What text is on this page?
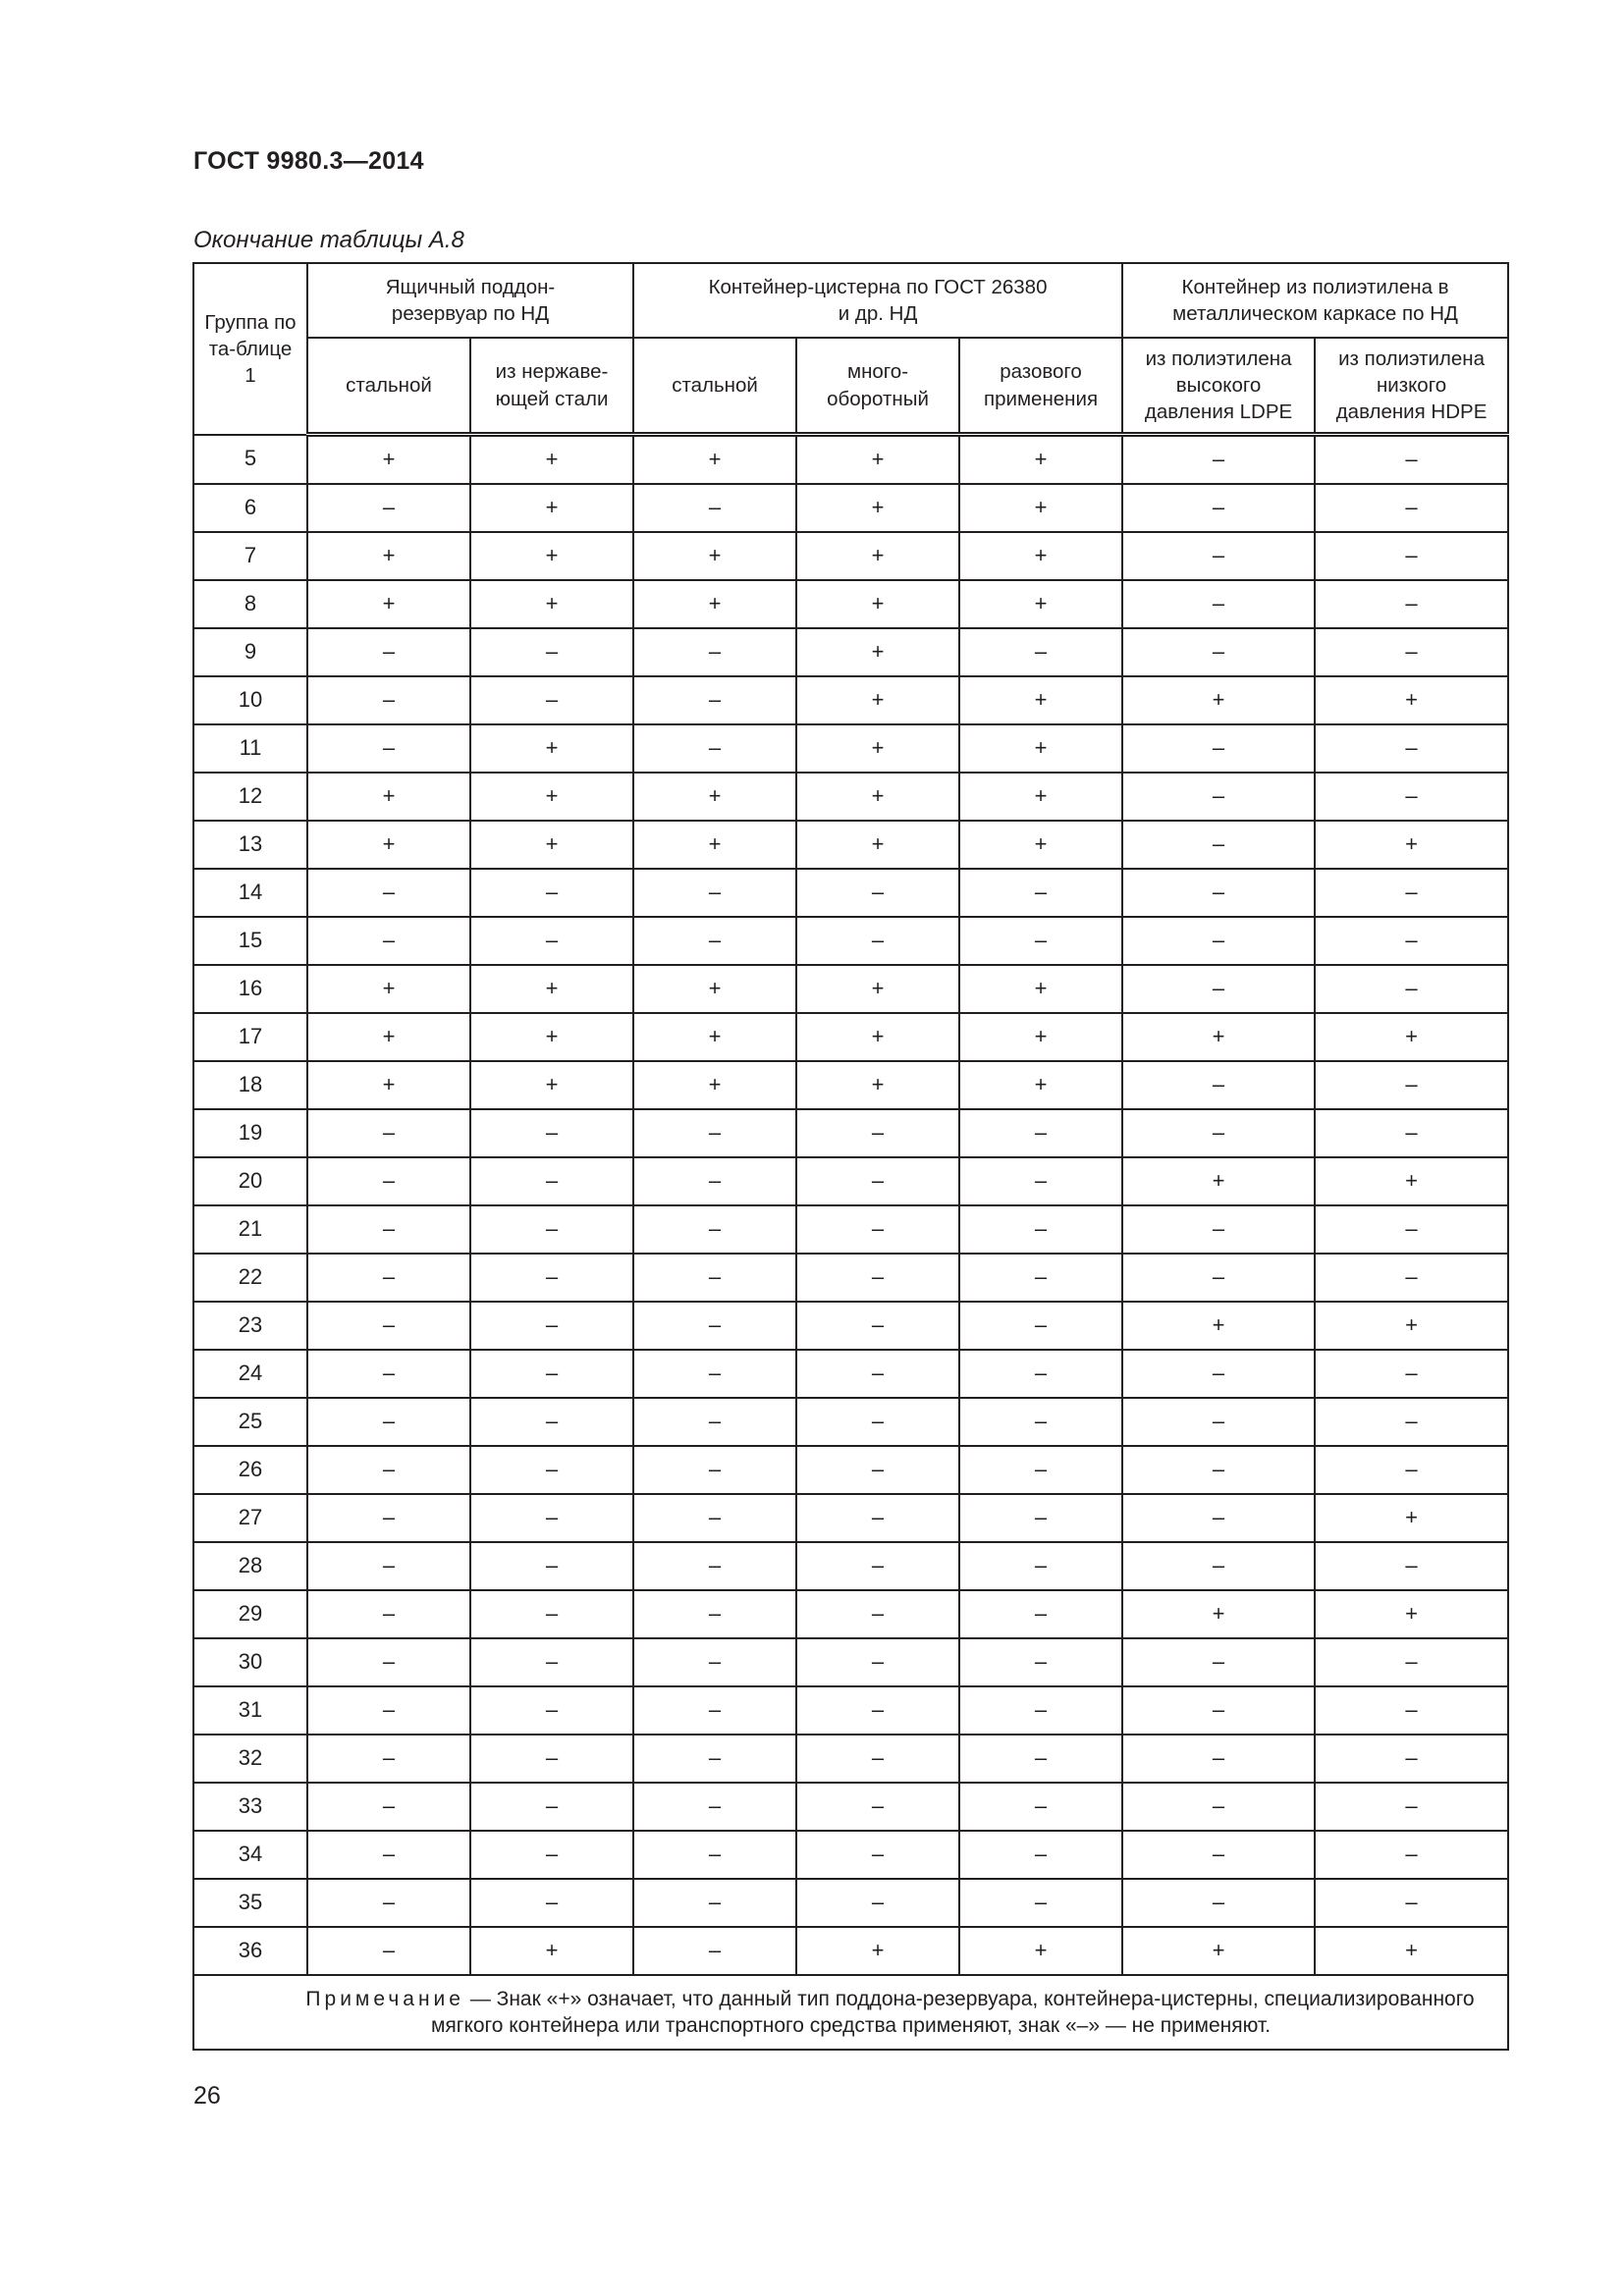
ГОСТ 9980.3—2014
Окончание таблицы А.8
Группа по та-блице 1	Ящичный поддон-резервуар по НД		Контейнер-цистерна по ГОСТ 26380 и др. НД			Контейнер из полиэтилена в металлическом каркасе по НД	
	стальной	из нержаве-ющей стали	стальной	много-оборотный	разового применения	из полиэтилена высокого давления LDPE	из полиэтилена низкого давления HDPE
5	+	+	+	+	+	–	–
6	–	+	–	+	+	–	–
7	+	+	+	+	+	–	–
8	+	+	+	+	+	–	–
9	–	–	–	+	–	–	–
10	–	–	–	+	+	+	+
11	–	+	–	+	+	–	–
12	+	+	+	+	+	–	–
13	+	+	+	+	+	–	+
14	–	–	–	–	–	–	–
15	–	–	–	–	–	–	–
16	+	+	+	+	+	–	–
17	+	+	+	+	+	+	+
18	+	+	+	+	+	–	–
19	–	–	–	–	–	–	–
20	–	–	–	–	–	+	+
21	–	–	–	–	–	–	–
22	–	–	–	–	–	–	–
23	–	–	–	–	–	+	+
24	–	–	–	–	–	–	–
25	–	–	–	–	–	–	–
26	–	–	–	–	–	–	–
27	–	–	–	–	–	–	+
28	–	–	–	–	–	–	–
29	–	–	–	–	–	+	+
30	–	–	–	–	–	–	–
31	–	–	–	–	–	–	–
32	–	–	–	–	–	–	–
33	–	–	–	–	–	–	–
34	–	–	–	–	–	–	–
35	–	–	–	–	–	–	–
36	–	+	–	+	+	+	+
Примечание — Знак «+» означает, что данный тип поддона-резервуара, контейнера-цистерны, специализированного мягкого контейнера или транспортного средства применяют, знак «–» — не применяют.							
26
